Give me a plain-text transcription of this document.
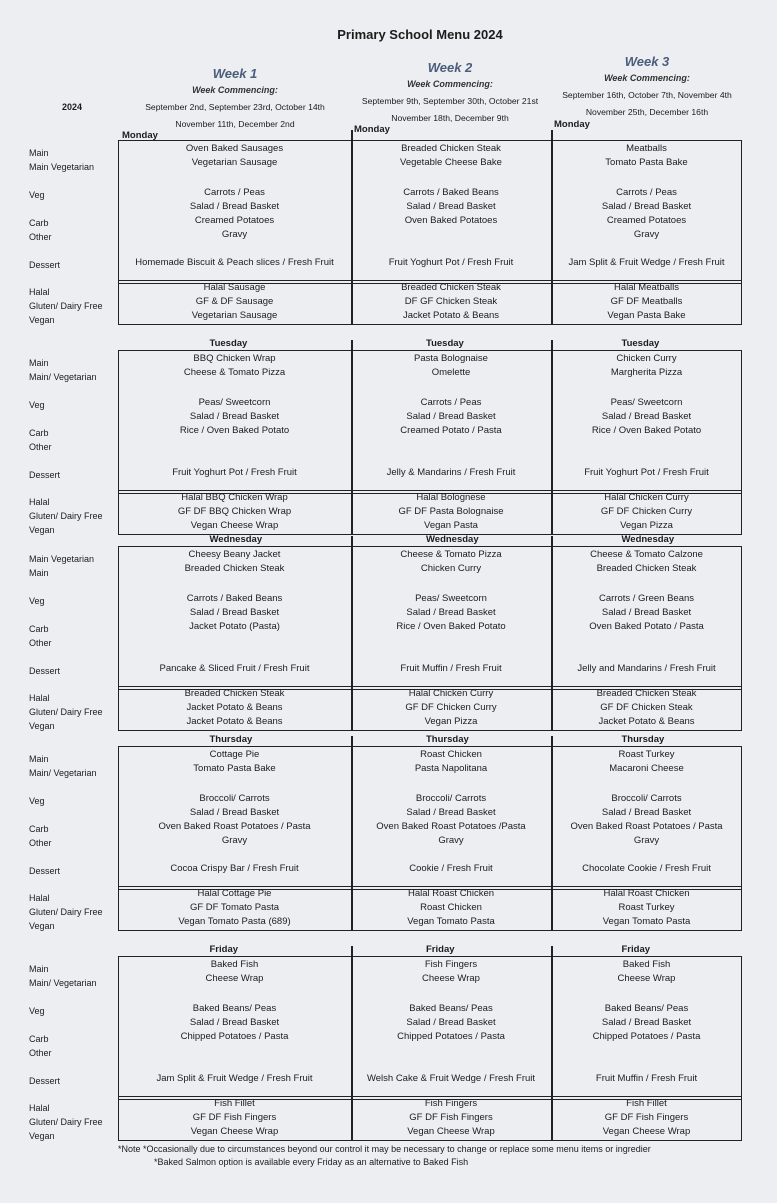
Primary School Menu 2024
2024
Week 1
Week Commencing:
September 2nd, September 23rd, October 14th
November 11th, December 2nd
Week 2
Week Commencing:
September 9th, September 30th, October 21st
November 18th, December 9th
Week 3
Week Commencing:
September 16th, October 7th, November 4th
November 25th, December 16th
Main
Main Vegetarian
Veg
Carb
Other
Dessert
Halal
Gluten/ Dairy Free
Vegan
Monday
Oven Baked Sausages
Vegetarian Sausage
Carrots / Peas
Salad / Bread Basket
Creamed Potatoes
Gravy
Homemade Biscuit & Peach slices / Fresh Fruit
Halal Sausage
GF & DF Sausage
Vegetarian Sausage
Monday
Breaded Chicken Steak
Vegetable Cheese Bake
Carrots / Baked Beans
Salad / Bread Basket
Oven Baked Potatoes
Fruit Yoghurt Pot / Fresh Fruit
Breaded Chicken Steak
DF GF Chicken Steak
Jacket Potato & Beans
Monday
Meatballs
Tomato Pasta Bake
Carrots / Peas
Salad / Bread Basket
Creamed Potatoes
Gravy
Jam Split & Fruit Wedge / Fresh Fruit
Halal Meatballs
GF DF Meatballs
Vegan Pasta Bake
Main
Main/ Vegetarian
Veg
Carb
Other
Dessert
Halal
Gluten/ Dairy Free
Vegan
Tuesday
BBQ Chicken Wrap
Cheese & Tomato Pizza
Peas/ Sweetcorn
Salad / Bread Basket
Rice / Oven Baked Potato
Fruit Yoghurt Pot / Fresh Fruit
Halal BBQ Chicken Wrap
GF DF BBQ Chicken Wrap
Vegan Cheese Wrap
Tuesday
Pasta Bolognaise
Omelette
Carrots / Peas
Salad / Bread Basket
Creamed Potato / Pasta
Jelly & Mandarins / Fresh Fruit
Halal Bolognese
GF DF Pasta Bolognaise
Vegan Pasta
Tuesday
Chicken Curry
Margherita Pizza
Peas/ Sweetcorn
Salad / Bread Basket
Rice / Oven Baked Potato
Fruit Yoghurt Pot / Fresh Fruit
Halal Chicken Curry
GF DF Chicken Curry
Vegan Pizza
Main Vegetarian
Main
Veg
Carb
Other
Dessert
Halal
Gluten/ Dairy Free
Vegan
Wednesday
Cheesy Beany Jacket
Breaded Chicken Steak
Carrots / Baked Beans
Salad / Bread Basket
Jacket Potato (Pasta)
Pancake & Sliced Fruit / Fresh Fruit
Breaded Chicken Steak
Jacket Potato & Beans
Jacket Potato & Beans
Wednesday
Cheese & Tomato Pizza
Chicken Curry
Peas/ Sweetcorn
Salad / Bread Basket
Rice / Oven Baked Potato
Fruit Muffin / Fresh Fruit
Halal Chicken Curry
GF DF Chicken Curry
Vegan Pizza
Wednesday
Cheese & Tomato Calzone
Breaded Chicken Steak
Carrots / Green Beans
Salad / Bread Basket
Oven Baked Potato / Pasta
Jelly and Mandarins / Fresh Fruit
Breaded Chicken Steak
GF DF Chicken Steak
Jacket Potato & Beans
Main
Main/ Vegetarian
Veg
Carb
Other
Dessert
Halal
Gluten/ Dairy Free
Vegan
Thursday
Cottage Pie
Tomato Pasta Bake
Broccoli/ Carrots
Salad / Bread Basket
Oven Baked Roast Potatoes / Pasta
Gravy
Cocoa Crispy Bar / Fresh Fruit
Halal Cottage Pie
GF DF Tomato Pasta
Vegan Tomato Pasta (689)
Thursday
Roast Chicken
Pasta Napolitana
Broccoli/ Carrots
Salad / Bread Basket
Oven Baked Roast Potatoes /Pasta
Gravy
Cookie / Fresh Fruit
Halal Roast Chicken
Roast Chicken
Vegan Tomato Pasta
Thursday
Roast Turkey
Macaroni Cheese
Broccoli/ Carrots
Salad / Bread Basket
Oven Baked Roast Potatoes / Pasta
Gravy
Chocolate Cookie / Fresh Fruit
Halal Roast Chicken
Roast Turkey
Vegan Tomato Pasta
Main
Main/ Vegetarian
Veg
Carb
Other
Dessert
Halal
Gluten/ Dairy Free
Vegan
Friday
Baked Fish
Cheese Wrap
Baked Beans/ Peas
Salad / Bread Basket
Chipped Potatoes / Pasta
Jam Split & Fruit Wedge / Fresh Fruit
Fish Fillet
GF DF Fish Fingers
Vegan Cheese Wrap
Friday
Fish Fingers
Cheese Wrap
Baked Beans/ Peas
Salad / Bread Basket
Chipped Potatoes / Pasta
Welsh Cake & Fruit Wedge / Fresh Fruit
Fish Fingers
GF DF Fish Fingers
Vegan Cheese Wrap
Friday
Baked Fish
Cheese Wrap
Baked Beans/ Peas
Salad / Bread Basket
Chipped Potatoes / Pasta
Fruit Muffin / Fresh Fruit
Fish Fillet
GF DF Fish Fingers
Vegan Cheese Wrap
*Note *Occasionally due to circumstances beyond our control it may be necessary to change or replace some menu items or ingredier
*Baked Salmon option is available every Friday as an alternative to Baked Fish
